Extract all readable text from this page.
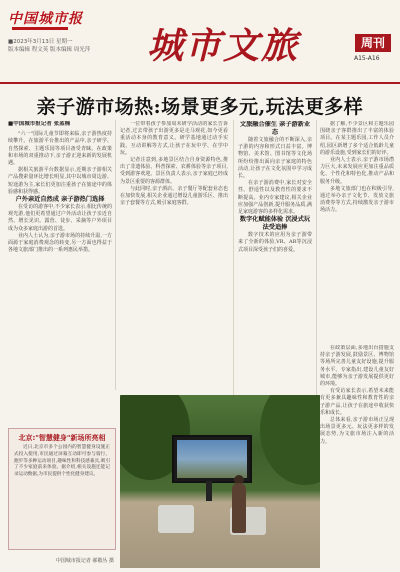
中国城市报
■2023年3月13日 星期一
版本编辑 程文英 版本编辑 周光萍 城市文旅	周刊
A15-A16
亲子游市场热:场景更多元,玩法更多样
■中国城市报记者 张蓝楠

"六一"国际儿童节即将来临,亲子游热度持续攀升。在旅游平台推出的产品中,亲子研学、自然探索、主题乐园等项目备受青睐。在政策和市场的双重推动下,亲子游正迎来新的发展机遇。

据相关旅游平台数据显示,近期亲子游相关产品搜索量环比增长明显,其中以城市周边游、短途游为主,家长们更加注重孩子在旅途中的体验感和获得感。

户外亲近自然成 亲子游热门选择

在受访的游客中,不少家长表示,相比传统的观光游,他们更希望通过户外活动让孩子亲近自然、增长见识。露营、徒步、采摘等户外项目成为众多家庭出游的首选。

业内人士认为,亲子游市场的持续升温,一方面源于家庭消费观念的转变,另一方面也得益于各地文旅部门推出的一系列惠民举措。

一位带着孩子参加周末研学活动的家长告诉记者,过去带孩子出游更多是走马观花,如今更看重活动本身的教育意义。研学基地通过动手实践、互动讲解等方式,让孩子在玩中学、在学中玩。

记者注意到,多地景区结合自身资源特色,推出了非遗体验、科普探索、农耕体验等亲子项目,受到游客欢迎。景区负责人表示,亲子家庭已经成为景区重要的客源群体。

与此同时,亲子酒店、亲子餐厅等配套业态也在加快发展,相关企业通过增设儿童游乐区、推出亲子套餐等方式,吸引家庭客群。

文旅融合催生 亲子游新业态

随着文旅融合的不断深入,亲子游的内容和形式日益丰富。博物馆、美术馆、图书馆等文化场所纷纷推出面向亲子家庭的特色活动,让孩子在文化氛围中学习成长。

在亲子游消费中,家长对安全性、舒适性以及教育性的要求不断提高。业内专家建议,相关企业应加强产品创新,提升服务品质,满足家庭游客的多样化需求。

数字化赋能体验 沉浸式玩法受追捧

数字技术的应用为亲子游带来了全新的体验,VR、AR等沉浸式项目深受孩子们的喜爱。

据了解,不少景区和主题乐园围绕亲子客群推出了丰富的体验项目。在某主题乐园,工作人员介绍,园区新增了多个适合低龄儿童的游乐设施,受到家长们的好评。

业内人士表示,亲子游市场潜力巨大,未来发展应更加注重品质化、个性化和特色化,推动产品和服务升级。

多地文旅部门也在积极引导,通过举办亲子文化节、发放文旅消费券等方式,持续激发亲子游市场活力。

在政策层面,多地出台措施支持亲子游发展,鼓励景区、博物馆等场所完善儿童友好设施,提升服务水平。专家指出,建设儿童友好城市,能够为亲子游发展提供更好的环境。

有受访家长表示,希望未来能有更多兼具趣味性和教育性的亲子游产品,让孩子在旅途中收获快乐和成长。

总体来看,亲子游市场正呈现出场景更多元、玩法更多样的发展态势,为文旅市场注入新的活力。

北京:"智慧健身"新场所亮相

近日,北京市多个公园内的智慧健身设施正式投入使用,市民通过屏幕互动即可参与骑行、跑步等多种运动项目,趣味性和科技感兼具,吸引了不少家庭前来体验。据介绍,相关设施还能记录运动数据,为市民提供个性化健身建议。

中国城市报记者 郝敬丛 摄
